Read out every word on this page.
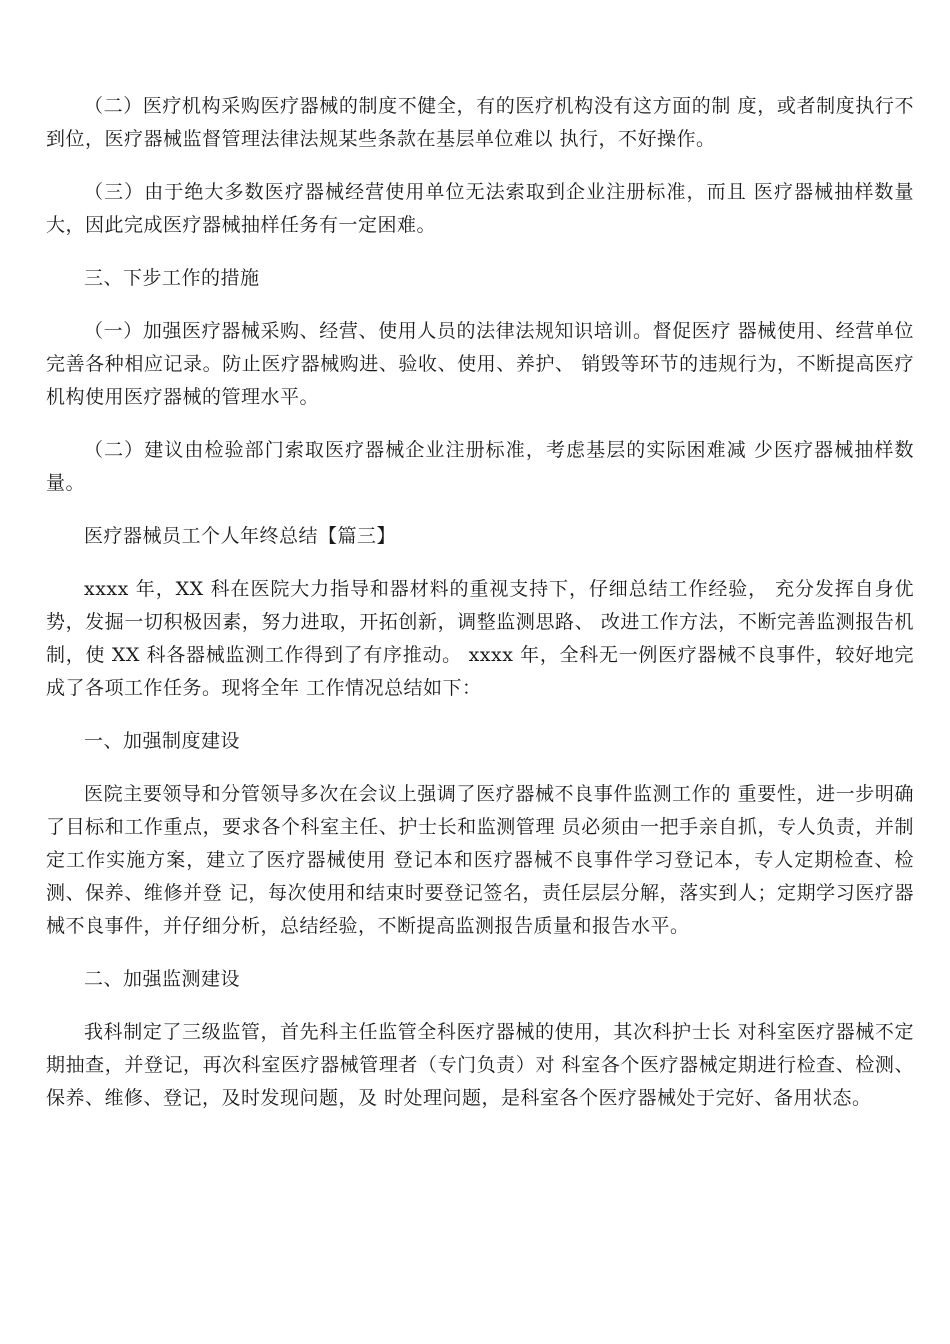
（二）医疗机构采购医疗器械的制度不健全，有的医疗机构没有这方面的制 度，或者制度执行不到位，医疗器械监督管理法律法规某些条款在基层单位难以 执行，不好操作。

（三）由于绝大多数医疗器械经营使用单位无法索取到企业注册标准，而且 医疗器械抽样数量大，因此完成医疗器械抽样任务有一定困难。

三、下步工作的措施

（一）加强医疗器械采购、经营、使用人员的法律法规知识培训。督促医疗 器械使用、经营单位完善各种相应记录。防止医疗器械购进、验收、使用、养护、 销毁等环节的违规行为，不断提高医疗机构使用医疗器械的管理水平。

（二）建议由检验部门索取医疗器械企业注册标准，考虑基层的实际困难减 少医疗器械抽样数量。

医疗器械员工个人年终总结【篇三】

xxxx 年，XX 科在医院大力指导和器材料的重视支持下，仔细总结工作经验， 充分发挥自身优势，发掘一切积极因素，努力进取，开拓创新，调整监测思路、 改进工作方法，不断完善监测报告机制，使 XX 科各器械监测工作得到了有序推动。 xxxx 年，全科无一例医疗器械不良事件，较好地完成了各项工作任务。现将全年 工作情况总结如下：

一、加强制度建设

医院主要领导和分管领导多次在会议上强调了医疗器械不良事件监测工作的 重要性，进一步明确了目标和工作重点，要求各个科室主任、护士长和监测管理 员必须由一把手亲自抓，专人负责，并制定工作实施方案，建立了医疗器械使用 登记本和医疗器械不良事件学习登记本，专人定期检查、检测、保养、维修并登 记，每次使用和结束时要登记签名，责任层层分解，落实到人；定期学习医疗器 械不良事件，并仔细分析，总结经验，不断提高监测报告质量和报告水平。

二、加强监测建设

我科制定了三级监管，首先科主任监管全科医疗器械的使用，其次科护士长 对科室医疗器械不定期抽查，并登记，再次科室医疗器械管理者（专门负责）对 科室各个医疗器械定期进行检查、检测、保养、维修、登记，及时发现问题，及 时处理问题，是科室各个医疗器械处于完好、备用状态。
